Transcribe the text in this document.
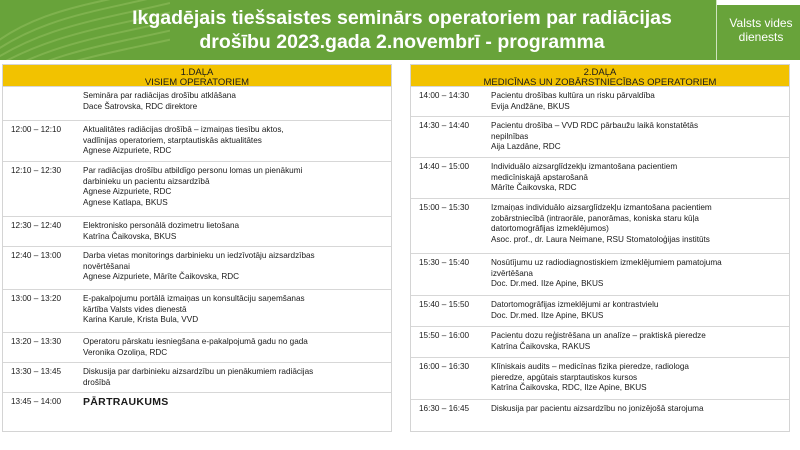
Ikgadējais tiešsaistes seminārs operatoriem par radiācijas
drošību 2023.gada 2.novembrī - programma
Valsts vides dienests
1.DAĻA
VISIEM OPERATORIEM
Semināra par radiācijas drošību atklāšana
Dace Šatrovska, RDC direktore
12:00 – 12:10	Aktualitātes radiācijas drošībā – izmaiņas tiesību aktos,
vadlīnijas operatoriem, starptautiskās aktualitātes
Agnese Aizpuriete, RDC
12:10 – 12:30	Par radiācijas drošību atbildīgo personu lomas un pienākumi
darbinieku un pacientu aizsardzībā
Agnese Aizpuriete, RDC
Agnese Katlapa, BKUS
12:30 – 12:40	Elektronisko personālā dozimetru lietošana
Katrīna Čaikovska, BKUS
12:40 – 13:00	Darba vietas monitorings darbinieku un iedzīvotāju aizsardzības
novērtēšanai
Agnese Aizpuriete, Mārīte Čaikovska, RDC
13:00 – 13:20	E-pakalpojumu portālā izmaiņas un konsultāciju saņemšanas
kārtība Valsts vides dienestā
Karina Karule, Krista Bula, VVD
13:20 – 13:30	Operatoru pārskatu iesniegšana e-pakalpojumā gadu no gada
Veronika Ozoliņa, RDC
13:30 – 13:45	Diskusija par darbinieku aizsardzību un pienākumiem radiācijas
drošībā
13:45 – 14:00 PĀRTRAUKUMS
2.DAĻA
MEDICĪNAS UN ZOBĀRSTNIECĪBAS OPERATORIEM
14:00 – 14:30	Pacientu drošības kultūra un risku pārvaldība
Evija Andžāne, BKUS
14:30 – 14:40	Pacientu drošība – VVD RDC pārbaužu laikā konstatētās
nepilnības
Aija Lazdāne, RDC
14:40 – 15:00	Individuālo aizsarglīdzekļu izmantošana pacientiem
medicīniskajā apstarošanā
Mārīte Čaikovska, RDC
15:00 – 15:30	Izmaiņas individuālo aizsarglīdzekļu izmantošana pacientiem
zobārstniecībā (intraorāle, panorāmas, koniska staru kūļa
datortomogrāfijas izmeklējumos)
Asoc. prof., dr. Laura Neimane, RSU Stomatoloģijas institūts
15:30 – 15:40	Nosūtījumu uz radiodiagnostiskiem izmeklējumiem pamatojuma
izvērtēšana
Doc. Dr.med. Ilze Apine, BKUS
15:40 – 15:50	Datortomogrāfijas izmeklējumi ar kontrastvielu
Doc. Dr.med. Ilze Apine, BKUS
15:50 – 16:00	Pacientu dozu reģistrēšana un analīze – praktiskā pieredze
Katrīna Čaikovska, RAKUS
16:00 – 16:30	Klīniskais audits – medicīnas fizika pieredze, radiologa
pieredze, apgūtais starptautiskos kursos
Katrīna Čaikovska, RDC, Ilze Apine, BKUS
16:30 – 16:45	Diskusija par pacientu aizsardzību no jonizējošā starojuma
